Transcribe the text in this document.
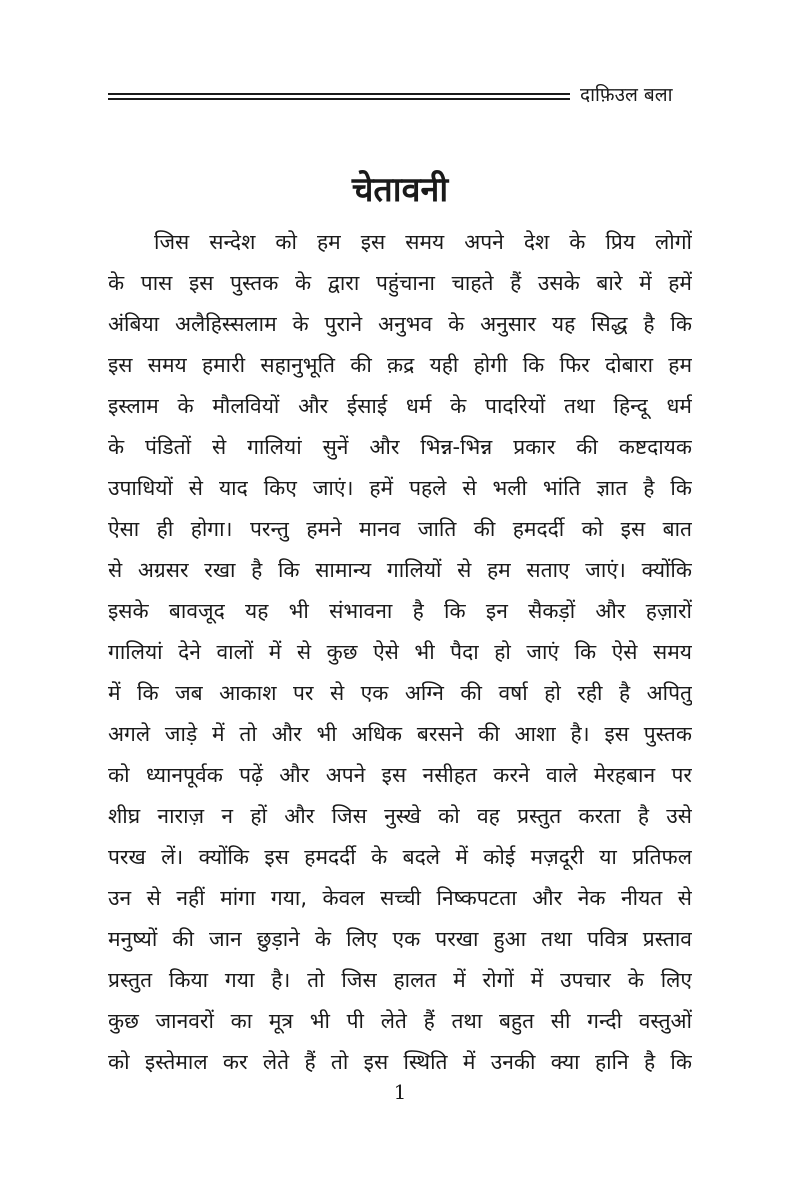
दाफ़िउल बला
चेतावनी
जिस सन्देश को हम इस समय अपने देश के प्रिय लोगों
के पास इस पुस्तक के द्वारा पहुंचाना चाहते हैं उसके बारे में हमें
अंबिया अलैहिस्सलाम के पुराने अनुभव के अनुसार यह सिद्ध है कि
इस समय हमारी सहानुभूति की क़द्र यही होगी कि फिर दोबारा हम
इस्लाम के मौलवियों और ईसाई धर्म के पादरियों तथा हिन्दू धर्म
के पंडितों से गालियां सुनें और भिन्न-भिन्न प्रकार की कष्टदायक
उपाधियों से याद किए जाएं। हमें पहले से भली भांति ज्ञात है कि
ऐसा ही होगा। परन्तु हमने मानव जाति की हमदर्दी को इस बात
से अग्रसर रखा है कि सामान्य गालियों से हम सताए जाएं। क्योंकि
इसके बावजूद यह भी संभावना है कि इन सैकड़ों और हज़ारों
गालियां देने वालों में से कुछ ऐसे भी पैदा हो जाएं कि ऐसे समय
में कि जब आकाश पर से एक अग्नि की वर्षा हो रही है अपितु
अगले जाड़े में तो और भी अधिक बरसने की आशा है। इस पुस्तक
को ध्यानपूर्वक पढ़ें और अपने इस नसीहत करने वाले मेरहबान पर
शीघ्र नाराज़ न हों और जिस नुस्खे को वह प्रस्तुत करता है उसे
परख लें। क्योंकि इस हमदर्दी के बदले में कोई मज़दूरी या प्रतिफल
उन से नहीं मांगा गया, केवल सच्ची निष्कपटता और नेक नीयत से
मनुष्यों की जान छुड़ाने के लिए एक परखा हुआ तथा पवित्र प्रस्ताव
प्रस्तुत किया गया है। तो जिस हालत में रोगों में उपचार के लिए
कुछ जानवरों का मूत्र भी पी लेते हैं तथा बहुत सी गन्दी वस्तुओं
को इस्तेमाल कर लेते हैं तो इस स्थिति में उनकी क्या हानि है कि
1
